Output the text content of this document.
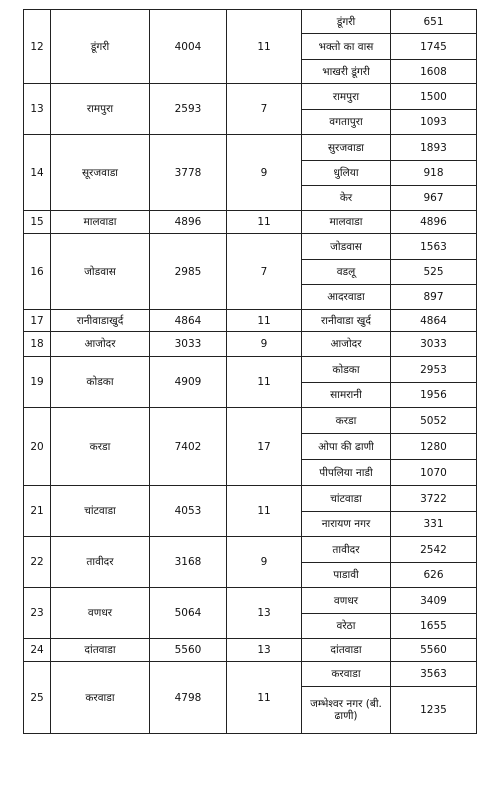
12	डूंगरी	4004	11	डूंगरी	651
				भक्तो का वास	1745
				भाखरी डूंगरी	1608
13	रामपुरा	2593	7	रामपुरा	1500
				वगतापुरा	1093
14	सूरजवाडा	3778	9	सुरजवाडा	1893
				धुलिया	918
				केर	967
15	मालवाडा	4896	11	मालवाडा	4896
16	जोडवास	2985	7	जोडवास	1563
				वडलू	525
				आदरवाडा	897
17	रानीवाडाखुर्द	4864	11	रानीवाडा खुर्द	4864
18	आजोदर	3033	9	आजोदर	3033
19	कोडका	4909	11	कोडका	2953
				सामरानी	1956
20	करडा	7402	17	करडा	5052
				ओपा की ढाणी	1280
				पीपलिया नाडी	1070
21	चांटवाडा	4053	11	चांटवाडा	3722
				नारायण नगर	331
22	तावीदर	3168	9	तावीदर	2542
				पाडावी	626
23	वणधर	5064	13	वणधर	3409
				वरेठा	1655
24	दांतवाडा	5560	13	दांतवाडा	5560
25	करवाडा	4798	11	करवाडा	3563
				जम्भेश्वर नगर (बी. ढाणी)	1235
